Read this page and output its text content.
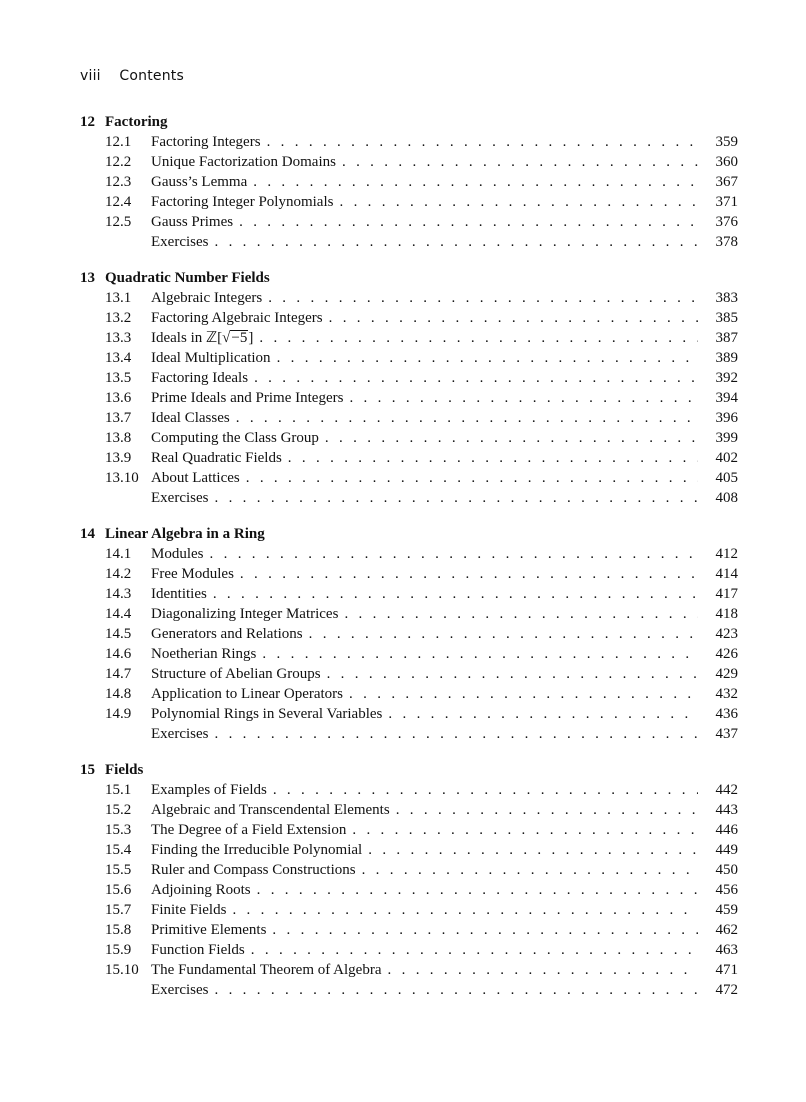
viii Contents
12 Factoring
12.1	Factoring Integers . . .	359
12.2	Unique Factorization Domains . . .	360
12.3	Gauss’s Lemma . . .	367
12.4	Factoring Integer Polynomials . . .	371
12.5	Gauss Primes . . .	376
Exercises . . .	378
13 Quadratic Number Fields
13.1	Algebraic Integers . . .	383
13.2	Factoring Algebraic Integers . . .	385
13.3	Ideals in ℤ[√−5] . . .	387
13.4	Ideal Multiplication . . .	389
13.5	Factoring Ideals . . .	392
13.6	Prime Ideals and Prime Integers . . .	394
13.7	Ideal Classes . . .	396
13.8	Computing the Class Group . . .	399
13.9	Real Quadratic Fields . . .	402
13.10 About Lattices . . .	405
Exercises . . .	408
14 Linear Algebra in a Ring
14.1	Modules . . .	412
14.2	Free Modules . . .	414
14.3	Identities . . .	417
14.4	Diagonalizing Integer Matrices . . .	418
14.5	Generators and Relations . . .	423
14.6	Noetherian Rings . . .	426
14.7	Structure of Abelian Groups . . .	429
14.8	Application to Linear Operators . . .	432
14.9	Polynomial Rings in Several Variables . . .	436
Exercises . . .	437
15 Fields
15.1	Examples of Fields . . .	442
15.2	Algebraic and Transcendental Elements . . .	443
15.3	The Degree of a Field Extension . . .	446
15.4	Finding the Irreducible Polynomial . . .	449
15.5	Ruler and Compass Constructions . . .	450
15.6	Adjoining Roots . . .	456
15.7	Finite Fields . . .	459
15.8	Primitive Elements . . .	462
15.9	Function Fields . . .	463
15.10 The Fundamental Theorem of Algebra . . .	471
Exercises . . .	472
